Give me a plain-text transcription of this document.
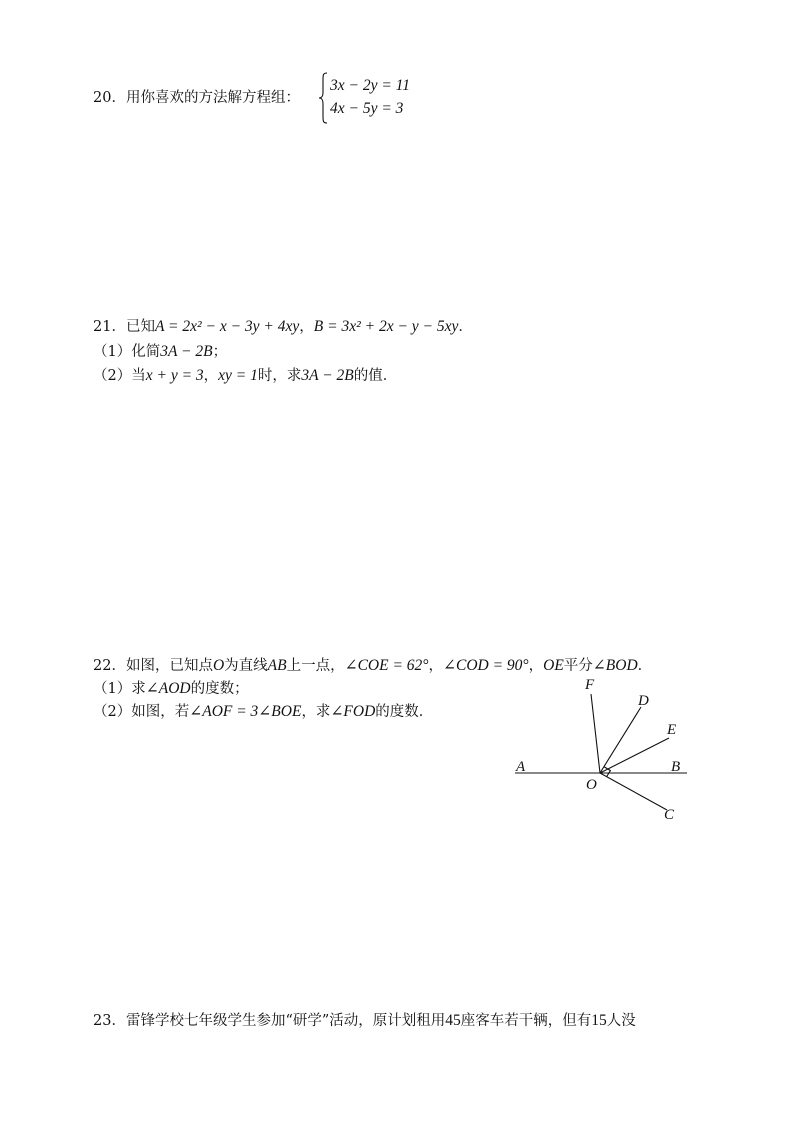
20．用你喜欢的方法解方程组：
3x − 2y = 11
4x − 5y = 3
21．已知A = 2x² − x − 3y + 4xy，B = 3x² + 2x − y − 5xy．
（1）化简3A − 2B；
（2）当x + y = 3，xy = 1时，求3A − 2B的值．
22．如图，已知点O为直线AB上一点，∠COE = 62°，∠COD = 90°，OE平分∠BOD．
（1）求∠AOD的度数；
（2）如图，若∠AOF = 3∠BOE，求∠FOD的度数．
F
D
E
A	B
O
C
23．雷锋学校七年级学生参加“研学”活动，原计划租用45座客车若干辆，但有15人没
